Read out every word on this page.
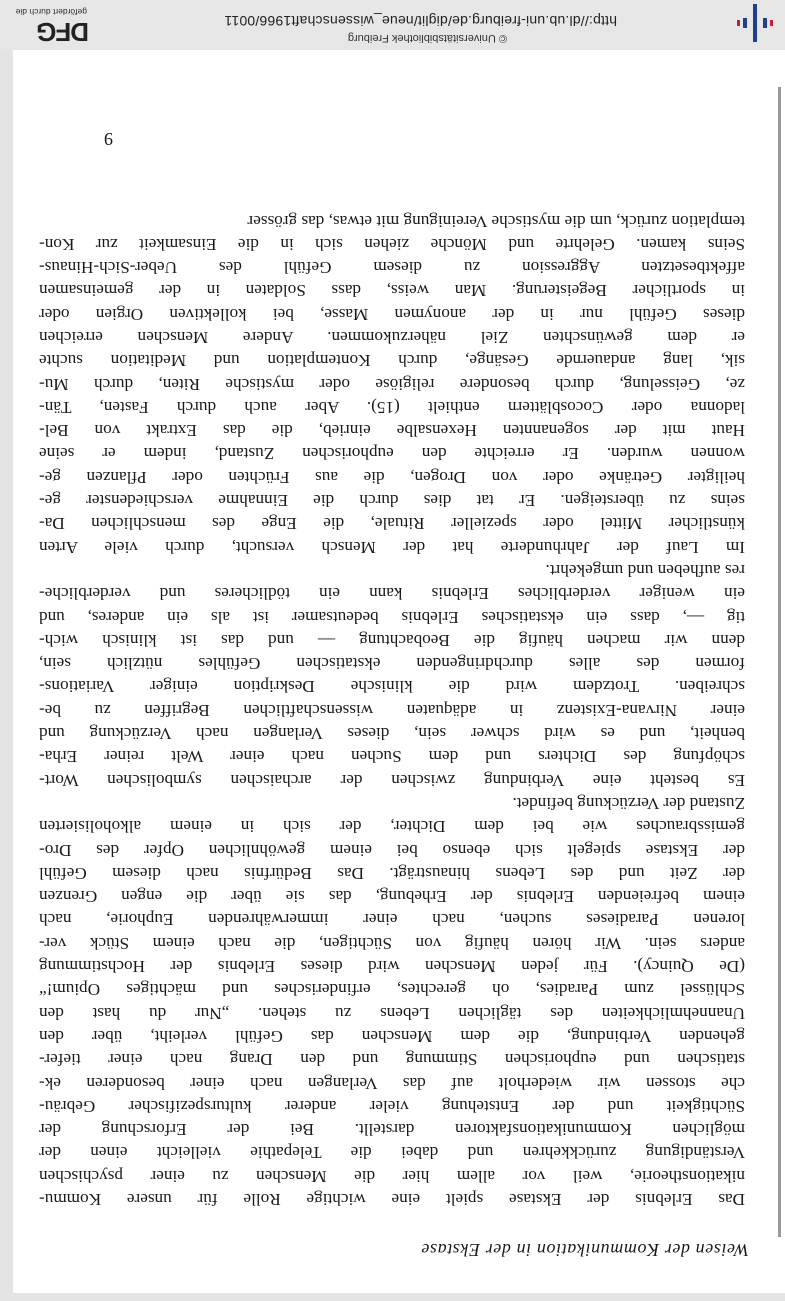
Weisen der Kommunikation in der Ekstase
Das Erlebnis der Ekstase spielt eine wichtige Rolle für unsere Kommu-
nikationstheorie, weil vor allem hier die Menschen zu einer psychischen
Verständigung zurückkehren und dabei die Telepathie vielleicht einen der
möglichen Kommunikationsfaktoren darstellt. Bei der Erforschung der
Süchtigkeit und der Entstehung vieler anderer kulturspezifischer Gebräu-
che stossen wir wiederholt auf das Verlangen nach einer besonderen ek-
statischen und euphorischen Stimmung und den Drang nach einer tiefer-
gehenden Verbindung, die dem Menschen das Gefühl verleiht, über den
Unannehmlichkeiten des täglichen Lebens zu stehen. „Nur du hast den
Schlüssel zum Paradies, oh gerechtes, erfinderisches und mächtiges Opium!“
(De Quincy). Für jeden Menschen wird dieses Erlebnis der Hochstimmung
anders sein. Wir hören häufig von Süchtigen, die nach einem Stück ver-
lorenen Paradieses suchen, nach einer immerwährenden Euphorie, nach
einem befreienden Erlebnis der Erhebung, das sie über die engen Grenzen
der Zeit und des Lebens hinausträgt. Das Bedürfnis nach diesem Gefühl
der Ekstase spiegelt sich ebenso bei einem gewöhnlichen Opfer des Dro-
gemissbrauches wie bei dem Dichter, der sich in einem alkoholisierten
Zustand der Verzückung befindet.
Es besteht eine Verbindung zwischen der archaischen symbolischen Wort-
schöpfung des Dichters und dem Suchen nach einer Welt reiner Erha-
benheit, und es wird schwer sein, dieses Verlangen nach Verzückung und
einer Nirvana-Existenz in adäquaten wissenschaftlichen Begriffen zu be-
schreiben. Trotzdem wird die klinische Deskription einiger Variations-
formen des alles durchdringenden ekstatischen Gefühles nützlich sein,
denn wir machen häufig die Beobachtung — und das ist klinisch wich-
tig —, dass ein ekstatisches Erlebnis bedeutsamer ist als ein anderes, und
ein weniger verderbliches Erlebnis kann ein tödlicheres und verderbliche-
res aufheben und umgekehrt.
Im Lauf der Jahrhunderte hat der Mensch versucht, durch viele Arten
künstlicher Mittel oder spezieller Rituale, die Enge des menschlichen Da-
seins zu übersteigen. Er tat dies durch die Einnahme verschiedenster ge-
heiligter Getränke oder von Drogen, die aus Früchten oder Pflanzen ge-
wonnen wurden. Er erreichte den euphorischen Zustand, indem er seine
Haut mit der sogenannten Hexensalbe einrieb, die das Extrakt von Bel-
ladonna oder Cocosblättern enthielt (15). Aber auch durch Fasten, Tän-
ze, Geisselung, durch besondere religiöse oder mystische Riten, durch Mu-
sik, lang andauernde Gesänge, durch Kontemplation und Meditation suchte
er dem gewünschten Ziel näherzukommen. Andere Menschen erreichen
dieses Gefühl nur in der anonymen Masse, bei kollektiven Orgien oder
in sportlicher Begeisterung. Man weiss, dass Soldaten in der gemeinsamen
affektbesetzten Aggression zu diesem Gefühl des Ueber-Sich-Hinaus-
Seins kamen. Gelehrte und Mönche ziehen sich in die Einsamkeit zur Kon-
templation zurück, um die mystische Vereinigung mit etwas, das grösser

9

© Universitätsbibliothek Freiburg
http://dl.ub.uni-freiburg.de/diglit/neue_wissenschaft1966/0011
DFG
gefördert durch die
